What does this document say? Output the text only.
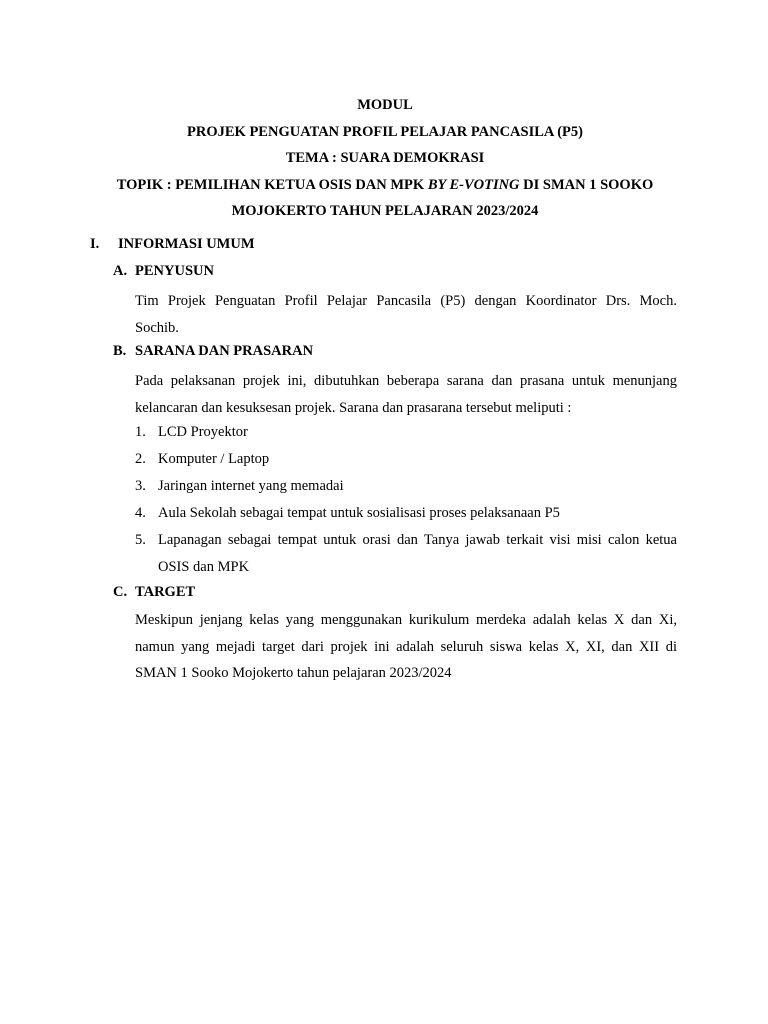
MODUL
PROJEK PENGUATAN PROFIL PELAJAR PANCASILA (P5)
TEMA : SUARA DEMOKRASI
TOPIK : PEMILIHAN KETUA OSIS DAN MPK BY E-VOTING DI SMAN 1 SOOKO
MOJOKERTO TAHUN PELAJARAN 2023/2024
I. INFORMASI UMUM
A. PENYUSUN
Tim Projek Penguatan Profil Pelajar Pancasila (P5) dengan Koordinator Drs. Moch.
Sochib.
B. SARANA DAN PRASARAN
Pada pelaksanan projek ini, dibutuhkan beberapa sarana dan prasana untuk menunjang
kelancaran dan kesuksesan projek. Sarana dan prasarana tersebut meliputi :
1. LCD Proyektor
2. Komputer / Laptop
3. Jaringan internet yang memadai
4. Aula Sekolah sebagai tempat untuk sosialisasi proses pelaksanaan P5
5. Lapanagan sebagai tempat untuk orasi dan Tanya jawab terkait visi misi calon ketua
OSIS dan MPK
C. TARGET
Meskipun jenjang kelas yang menggunakan kurikulum merdeka adalah kelas X dan Xi,
namun yang mejadi target dari projek ini adalah seluruh siswa kelas X, XI, dan XII di
SMAN 1 Sooko Mojokerto tahun pelajaran 2023/2024
